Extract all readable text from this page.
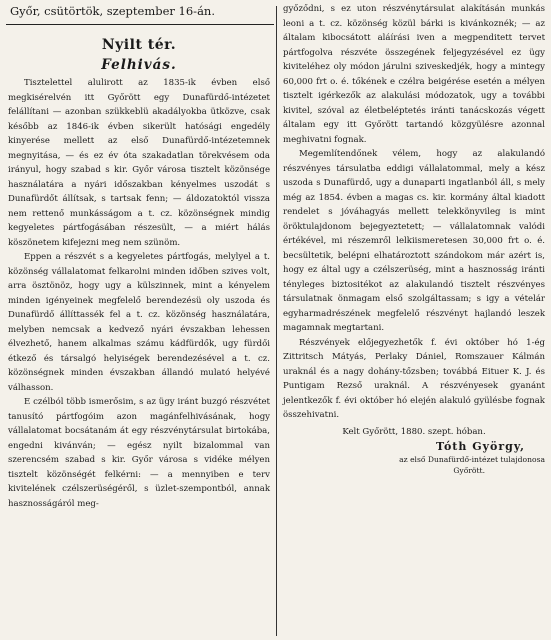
Győr, csütörtök, szeptember 16-án.
Nyilt tér.
Felhivás.

Tisztelettel alulirott az 1835-ik évben első megkisérelvén itt Győrött egy Dunafürdő-intézetet felállítani — azonban szükkeblü akadályokba ütközve, csak később az 1846-ik évben sikerült hatósági engedély kinyerése mellett az első Dunafürdő-intézetemnek megnyitása, — és ez év óta szakadatlan törekvésem oda irányul, hogy szabad s kir. Győr városa tisztelt közönsége használatára a nyári időszakban kényelmes uszodát s Dunafürdőt állítsak, s tartsak fenn; — áldozatoktól vissza nem rettenő munkásságom a t. cz. közönségnek mindig kegyeletes pártfogásában részesült, — a miért hálás köszönetem kifejezni meg nem szünöm.

Eppen a részvét s a kegyeletes pártfogás, melylyel a t. közönség vállalatomat felkarolni minden időben szives volt, arra ösztönöz, hogy ugy a külszinnek, mint a kényelem minden igényeinek megfelelő berendezésü oly uszoda és Dunafürdő állíttassék fel a t. cz. közönség használatára, melyben nemcsak a kedvező nyári évszakban lehessen élvezhető, hanem alkalmas számu kádfürdők, ugy fürdői étkező és társalgó helyiségek berendezésével a t. cz. közönségnek minden évszakban állandó mulató helyévé válhasson.

E czélból több ismerősim, s az ügy iránt buzgó részvétet tanusító pártfogóim azon magánfelhivásának, hogy vállalatomat bocsátanám át egy részvénytársulat birtokába, engedni kivánván; — egész nyilt bizalommal van szerencsém szabad s kir. Győr városa s vidéke mélyen tisztelt közönségét felkérni: — a mennyiben e terv kivitelének czélszerüségéről, s üzlet-szempontból, annak hasznosságáról meg-

győződni, s ez uton részvénytársulat alakításán munkás leoni a t. cz. közönség közül bárki is kivánkoznék; — az általam kibocsátott aláírási iven a megpenditett tervet pártfogolva részvéte összegének feljegyzésével ez ügy kiviteléhez oly módon járulni sziveskedjék, hogy a mintegy 60,000 frt o. é. tőkének e czélra beigérése esetén a mélyen tisztelt igérkezők az alakulási módozatok, ugy a további kivitel, szóval az életbeléptetés iránti tanácskozás végett általam egy itt Győrött tartandó közgyülésre azonnal meghivatni fognak.

Megemlítendőnek vélem, hogy az alakulandó részvényes társulatba eddigi vállalatommal, mely a kész uszoda s Dunafürdő, ugy a dunaparti ingatlanból áll, s mely még az 1854. évben a magas cs. kir. kormány által kiadott rendelet s jóváhagyás mellett telekkönyvileg is mint öröktulajdonom bejegyeztetett; — vállalatomnak valódi értékével, mi részemről lelkiismeretesen 30,000 frt o. é. becsültetik, belépni elhatároztott szándokom már azért is, hogy ez által ugy a czélszerüség, mint a hasznosság iránti tényleges biztositékot az alakulandó tisztelt részvényes társulatnak önmagam első szolgáltassam; s igy a vételár egyharmadrészének megfelelő részvényt hajlandó leszek magamnak megtartani.

Részvények előjegyezhetők f. évi október hó 1-ég Zittritsch Mátyás, Perlaky Dániel, Romszauer Kálmán uraknál és a nagy dohány-tőzsben; továbbá Eituer K. J. és Puntigam Rezső uraknál. A részvényesek gyanánt jelentkezők f. évi október hó elején alakuló gyülésbe fognak összehivatni.

Kelt Győrött, 1880. szept. hóban.
Tóth György,
az első Dunafürdő-intézet tulajdonosa
Győrött.
